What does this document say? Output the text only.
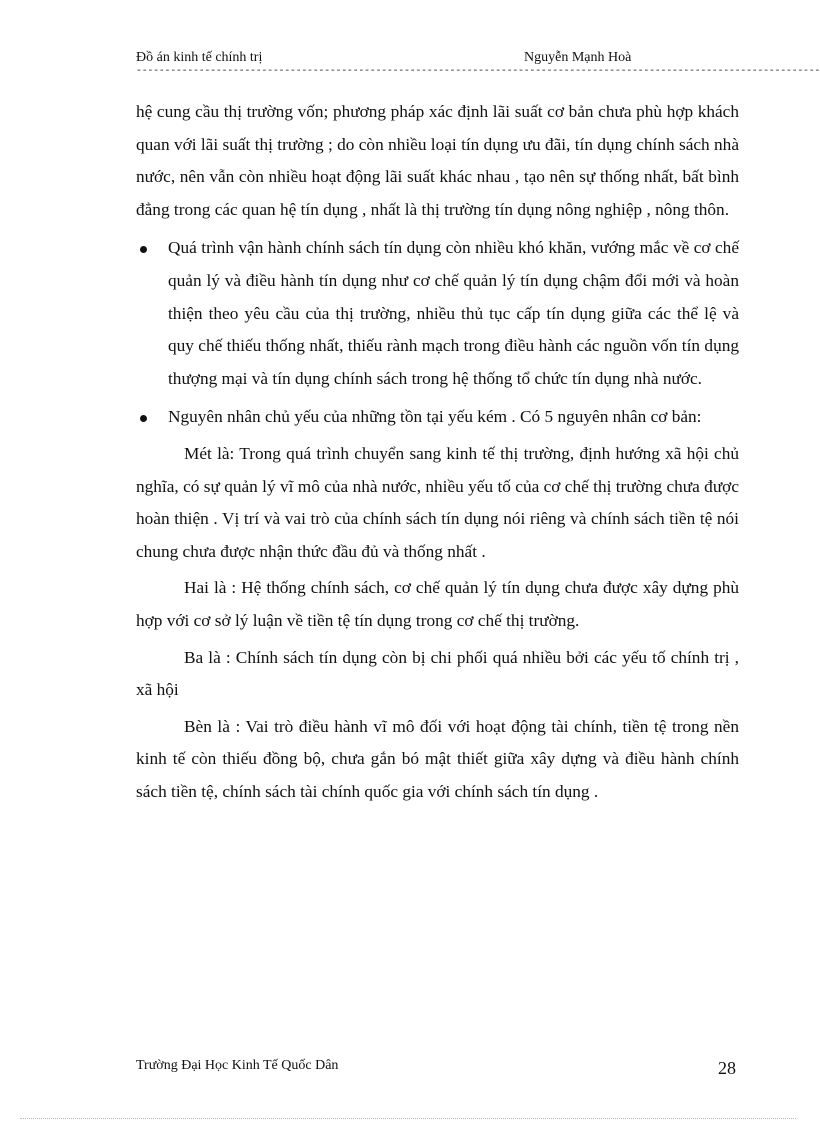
Đồ án kinh tế chính trị	Nguyễn Mạnh Hoà
------------------------------------------------------------------------------------------------------------------------

hệ cung cầu thị trường vốn; phương pháp xác định lãi suất cơ bản chưa phù hợp khách quan với lãi suất thị trường ; do còn nhiều loại tín dụng ưu đãi, tín dụng chính sách nhà nước, nên vẫn còn nhiều hoạt động lãi suất khác nhau , tạo nên sự thống nhất, bất bình đẳng trong các quan hệ tín dụng , nhất là thị trường tín dụng nông nghiệp , nông thôn.

Quá trình vận hành chính sách tín dụng còn nhiều khó khăn, vướng mắc về cơ chế quản lý và điều hành tín dụng như cơ chế quản lý tín dụng chậm đổi mới và hoàn thiện theo yêu cầu của thị trường, nhiều thủ tục cấp tín dụng giữa các thể lệ và quy chế thiếu thống nhất, thiếu rành mạch trong điều hành các nguồn vốn tín dụng thượng mại và tín dụng chính sách trong hệ thống tổ chức tín dụng nhà nước.

Nguyên nhân chủ yếu của những tồn tại yếu kém . Có 5 nguyên nhân cơ bản:

Mét là: Trong quá trình chuyển sang kinh tế thị trường, định hướng xã hội chủ nghĩa, có sự quản lý vĩ mô của nhà nước, nhiều yếu tố của cơ chế thị trường chưa được hoàn thiện . Vị trí và vai trò của chính sách tín dụng nói riêng và chính sách tiền tệ nói chung chưa được nhận thức đầu đủ và thống nhất .

Hai là : Hệ thống chính sách, cơ chế quản lý tín dụng chưa được xây dựng phù hợp với cơ sở lý luận về tiền tệ tín dụng trong cơ chế thị trường.

Ba là : Chính sách tín dụng còn bị chi phối quá nhiều bởi các yếu tố chính trị , xã hội

Bèn là : Vai trò điều hành vĩ mô đối với hoạt động tài chính, tiền tệ trong nền kinh tế còn thiếu đồng bộ, chưa gắn bó mật thiết giữa xây dựng và điều hành chính sách tiền tệ, chính sách tài chính quốc gia với chính sách tín dụng .

Trường Đại Học Kinh Tế Quốc Dân	28
